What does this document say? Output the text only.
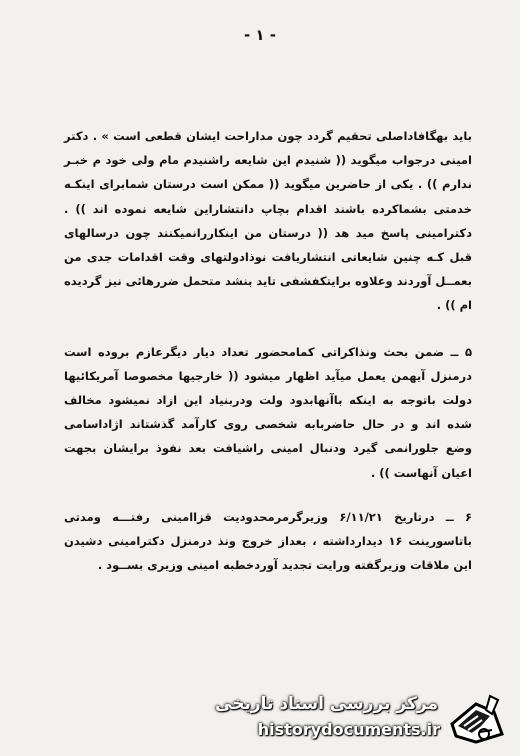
- ۱ -

باید بهگافاداصلی تحقیم گردد چون مداراحت ایشان قطعی است » . دکتر امینی درجواب میگوید (( شنیدم این شایعه راشنیدم مام ولی خود م خبـر ندارم )) . یکی از حاضرین میگوید (( ممکن است درستان شمابرای اینکـه خدمتی بشماکرده باشند اقدام بچاپ دانتشاراین شایعه نموده اند )) . دکترامینی پاسخ مید هد (( درستان من اینکاررانمیکنند چون درسالهای قبل کـه چنین شایعاتی انتشاریافت نوذادولتهای وقت اقدامات جدی من بعمــل آوردند وعلاوه برایتکفشفی تاید بنشد متحمل ضررهائی نیز گردیده ام )) .

۵ ــ ضمن بحث ونذاکراتی کمامحضور تعداد دیار دیگرعازم بروده است درمنزل آیهمن یعمل میآید اظهار میشود (( خارجیها مخصوصا آمریکائیها دولت باتوجه به اینکه باآنهابدود ولت ودربنیاد این ازاد نمیشود مخالف شده اند و در حال حاضربابه شخصی روی کارآمد گذشتاند اژاداسامی وضع جلورانمی گیرد ودنبال امینی راشیافت بعد نفوذ برایشان بجهت اعیان آنهاست )) .

۶ ــ درتاریخ ۶/۱۱/۲۱ وزیرگرمرمحدودیت قزاامینی رفتـــه ومدتی باتاسورینت ۱۶ دیدارداشته ، بعداز خروج ونذ درمنزل دکترامینی دشیدن این ملاقات وزیرگفته ورایت تجدید آوردخطبه امینی وزیری بســود .

مرکز بررسی اسناد تاریخی
historydocuments.ir
